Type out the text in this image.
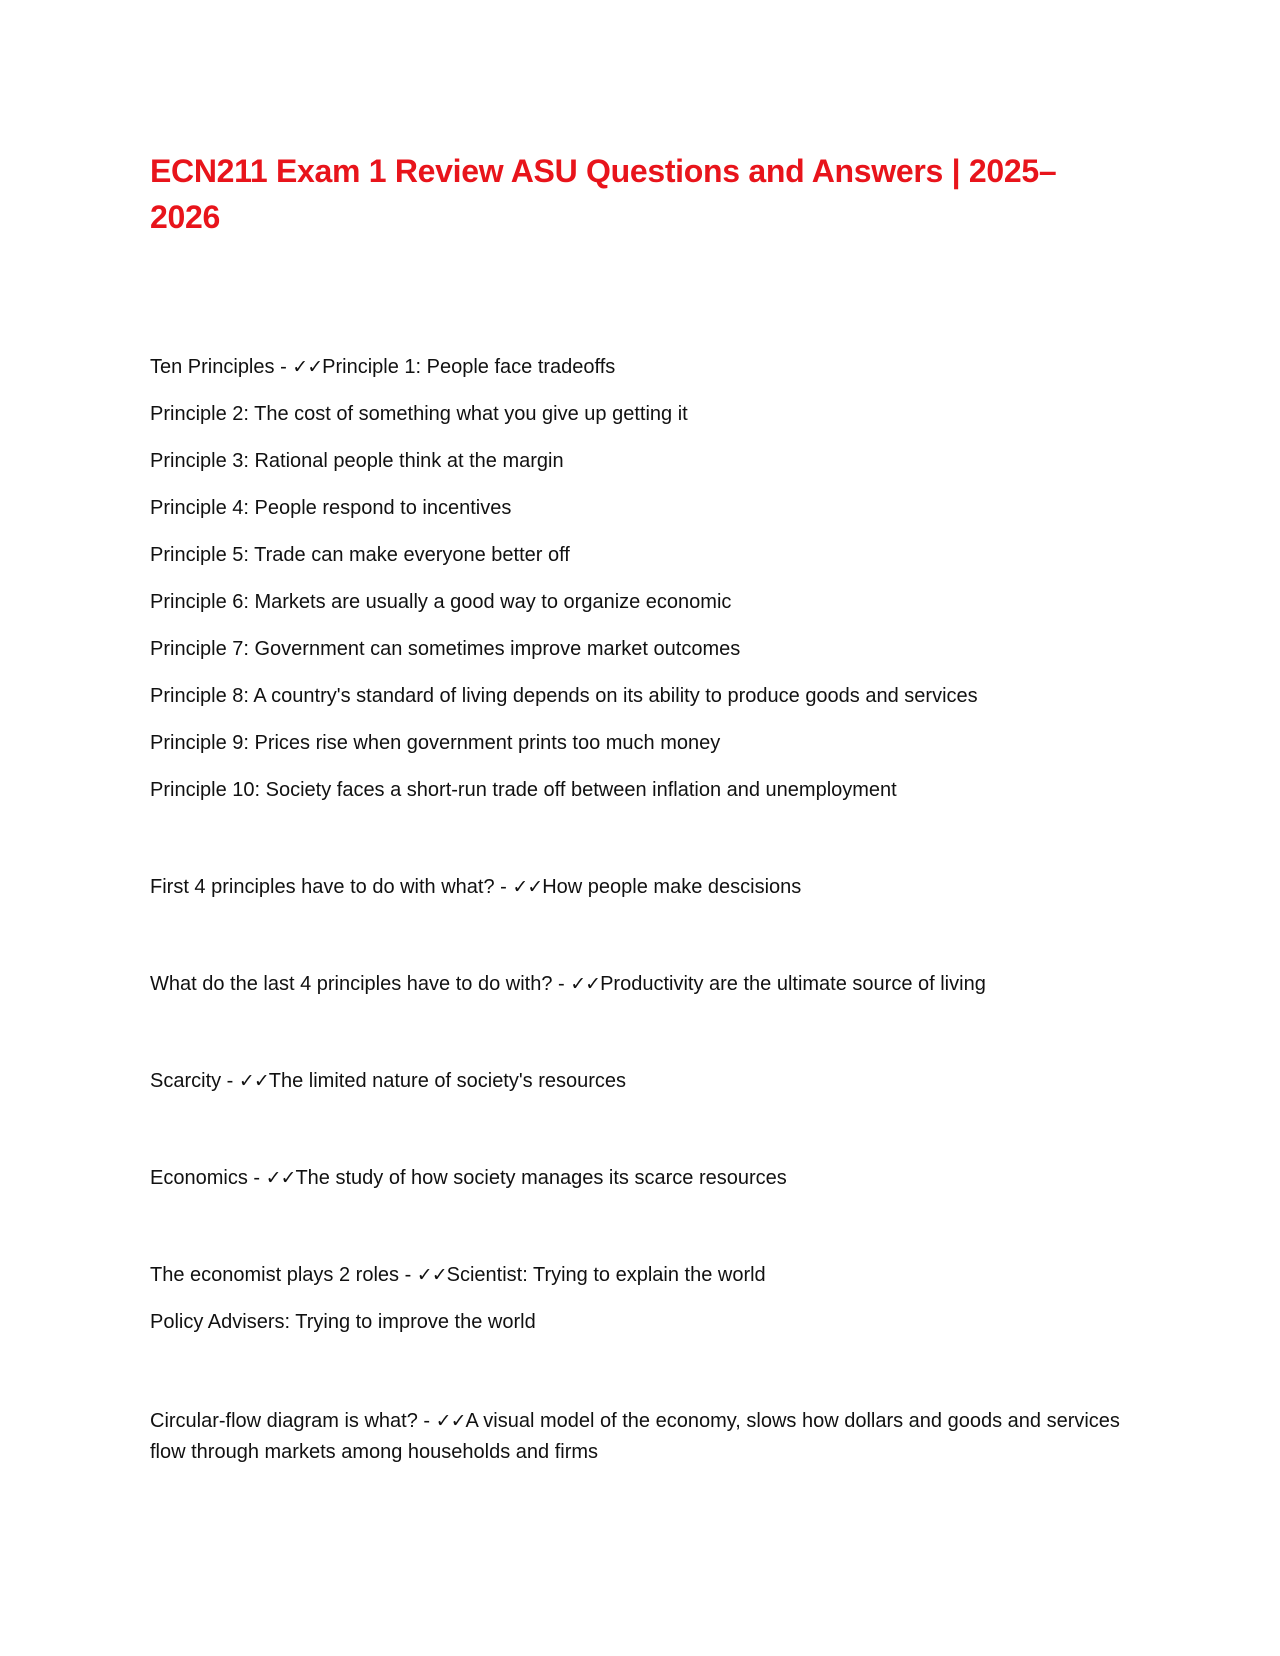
ECN211 Exam 1 Review ASU Questions and Answers | 2025–2026

Ten Principles - ✓✓Principle 1: People face tradeoffs

Principle 2: The cost of something what you give up getting it

Principle 3: Rational people think at the margin

Principle 4: People respond to incentives

Principle 5: Trade can make everyone better off

Principle 6: Markets are usually a good way to organize economic

Principle 7: Government can sometimes improve market outcomes

Principle 8: A country's standard of living depends on its ability to produce goods and services

Principle 9: Prices rise when government prints too much money

Principle 10: Society faces a short-run trade off between inflation and unemployment

First 4 principles have to do with what? - ✓✓How people make descisions

What do the last 4 principles have to do with? - ✓✓Productivity are the ultimate source of living

Scarcity - ✓✓The limited nature of society's resources

Economics - ✓✓The study of how society manages its scarce resources

The economist plays 2 roles - ✓✓Scientist: Trying to explain the world

Policy Advisers: Trying to improve the world

Circular-flow diagram is what? - ✓✓A visual model of the economy, slows how dollars and goods and services flow through markets among households and firms
